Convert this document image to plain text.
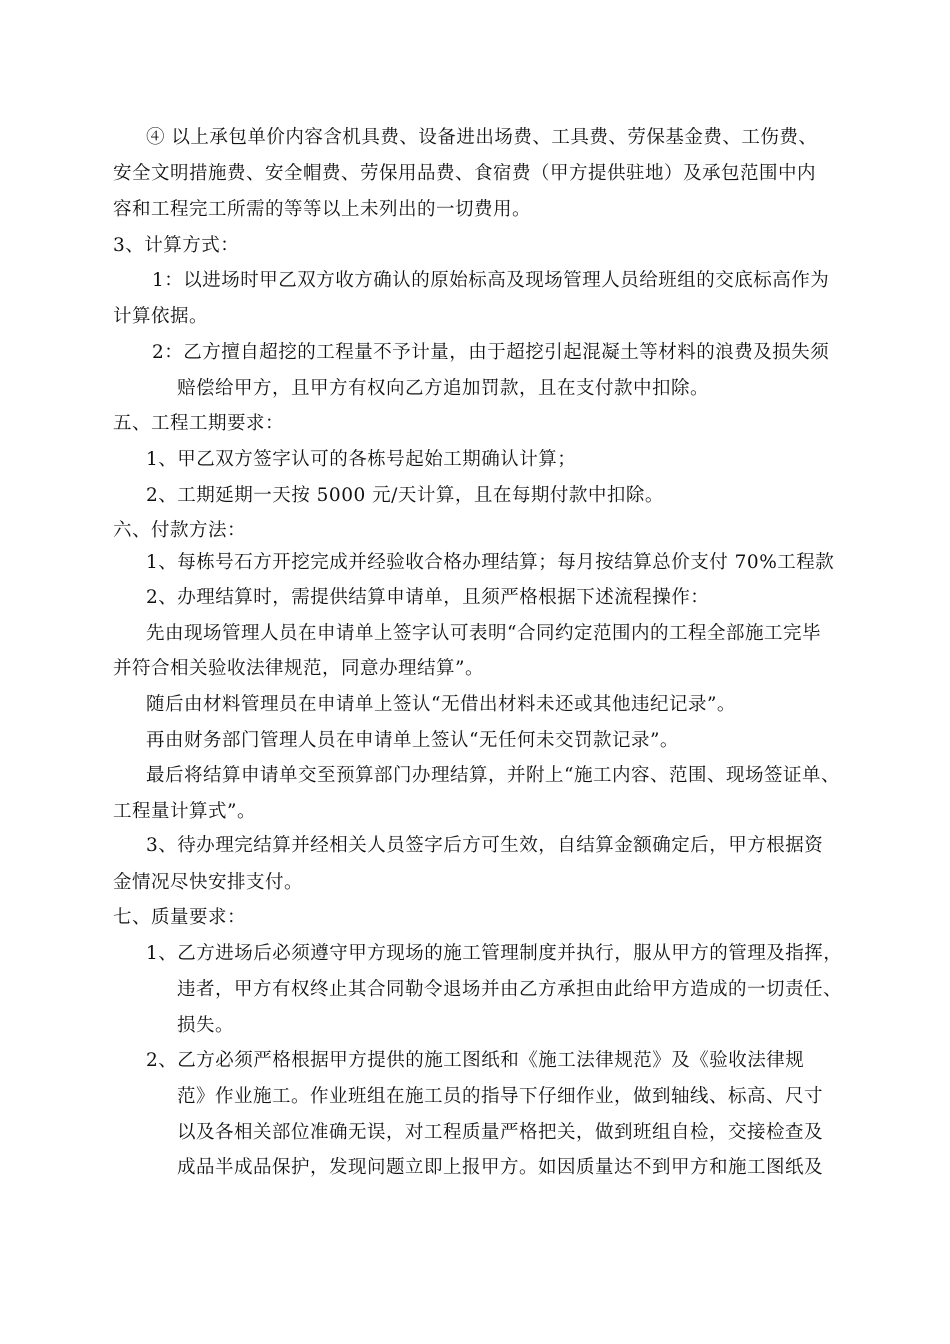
④ 以上承包单价内容含机具费、设备进出场费、工具费、劳保基金费、工伤费、
安全文明措施费、安全帽费、劳保用品费、食宿费（甲方提供驻地）及承包范围中内
容和工程完工所需的等等以上未列出的一切费用。
3、计算方式：
1：以进场时甲乙双方收方确认的原始标高及现场管理人员给班组的交底标高作为
计算依据。
2：乙方擅自超挖的工程量不予计量，由于超挖引起混凝土等材料的浪费及损失须
赔偿给甲方，且甲方有权向乙方追加罚款，且在支付款中扣除。
五、工程工期要求：
1、甲乙双方签字认可的各栋号起始工期确认计算；
2、工期延期一天按 5000 元/天计算，且在每期付款中扣除。
六、付款方法：
1、每栋号石方开挖完成并经验收合格办理结算；每月按结算总价支付 70%工程款
2、办理结算时，需提供结算申请单，且须严格根据下述流程操作：
先由现场管理人员在申请单上签字认可表明“合同约定范围内的工程全部施工完毕
并符合相关验收法律规范，同意办理结算”。
随后由材料管理员在申请单上签认“无借出材料未还或其他违纪记录”。
再由财务部门管理人员在申请单上签认“无任何未交罚款记录”。
最后将结算申请单交至预算部门办理结算，并附上“施工内容、范围、现场签证单、
工程量计算式”。
3、待办理完结算并经相关人员签字后方可生效，自结算金额确定后，甲方根据资
金情况尽快安排支付。
七、质量要求：
1、乙方进场后必须遵守甲方现场的施工管理制度并执行，服从甲方的管理及指挥，
违者，甲方有权终止其合同勒令退场并由乙方承担由此给甲方造成的一切责任、
损失。
2、乙方必须严格根据甲方提供的施工图纸和《施工法律规范》及《验收法律规
范》作业施工。作业班组在施工员的指导下仔细作业，做到轴线、标高、尺寸
以及各相关部位准确无误，对工程质量严格把关，做到班组自检，交接检查及
成品半成品保护，发现问题立即上报甲方。如因质量达不到甲方和施工图纸及
